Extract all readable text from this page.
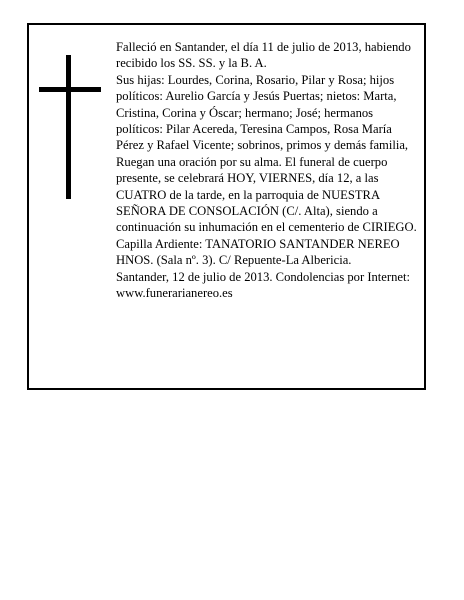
Falleció en Santander, el día 11 de julio de 2013, habiendo recibido los SS. SS. y la B. A.

Sus hijas: Lourdes, Corina, Rosario, Pilar y Rosa; hijos políticos: Aurelio García y Jesús Puertas; nietos: Marta, Cristina, Corina y Óscar; hermano; José; hermanos políticos: Pilar Acereda, Teresina Campos, Rosa María Pérez y Rafael Vicente; sobrinos, primos y demás familia,

Ruegan una oración por su alma. El funeral de cuerpo presente, se celebrará HOY, VIERNES, día 12, a las CUATRO de la tarde, en la parroquia de NUESTRA SEÑORA DE CONSOLACIÓN (C/. Alta), siendo a continuación su inhumación en el cementerio de CIRIEGO. Capilla Ardiente: TANATORIO SANTANDER NEREO HNOS. (Sala nº. 3). C/ Repuente-La Albericia.

Santander, 12 de julio de 2013. Condolencias por Internet: www.funerarianereo.es
